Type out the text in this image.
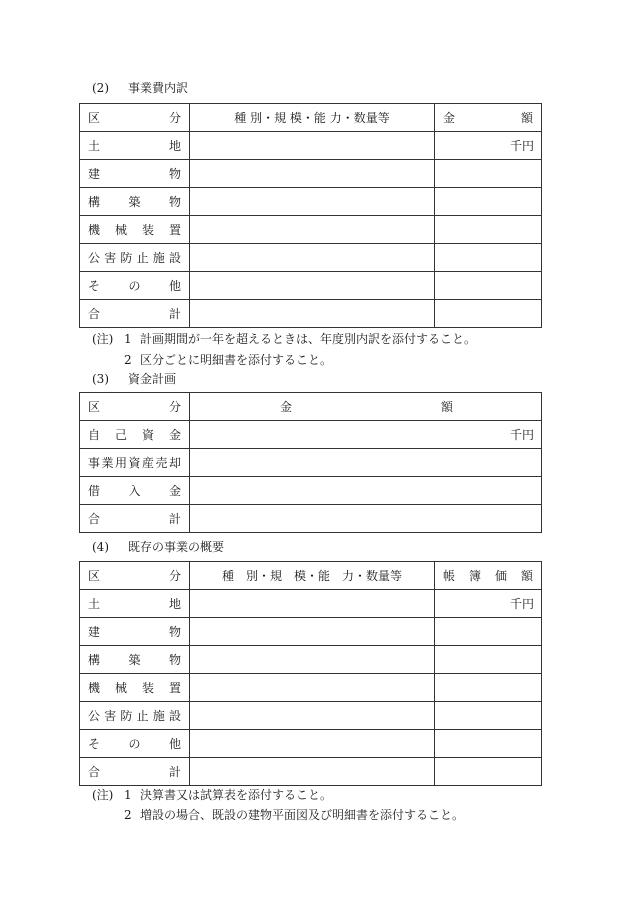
(2) 事業費内訳
区分	種 別・規 模・能 力・数量等	金額
土地		千円
建物		
構築物		
機械装置		
公害防止施設		
その他		
合計		
(注) 1 計画期間が一年を超えるときは、年度別内訳を添付すること。
2 区分ごとに明細書を添付すること。
(3) 資金計画
区分	金額
自己資金	千円
事業用資産売却	
借入金	
合計	
(4) 既存の事業の概要
区分	種　別・規　模・能　力・数量等	帳簿価額
土地		千円
建物		
構築物		
機械装置		
公害防止施設		
その他		
合計		
(注) 1 決算書又は試算表を添付すること。
2 増設の場合、既設の建物平面図及び明細書を添付すること。
